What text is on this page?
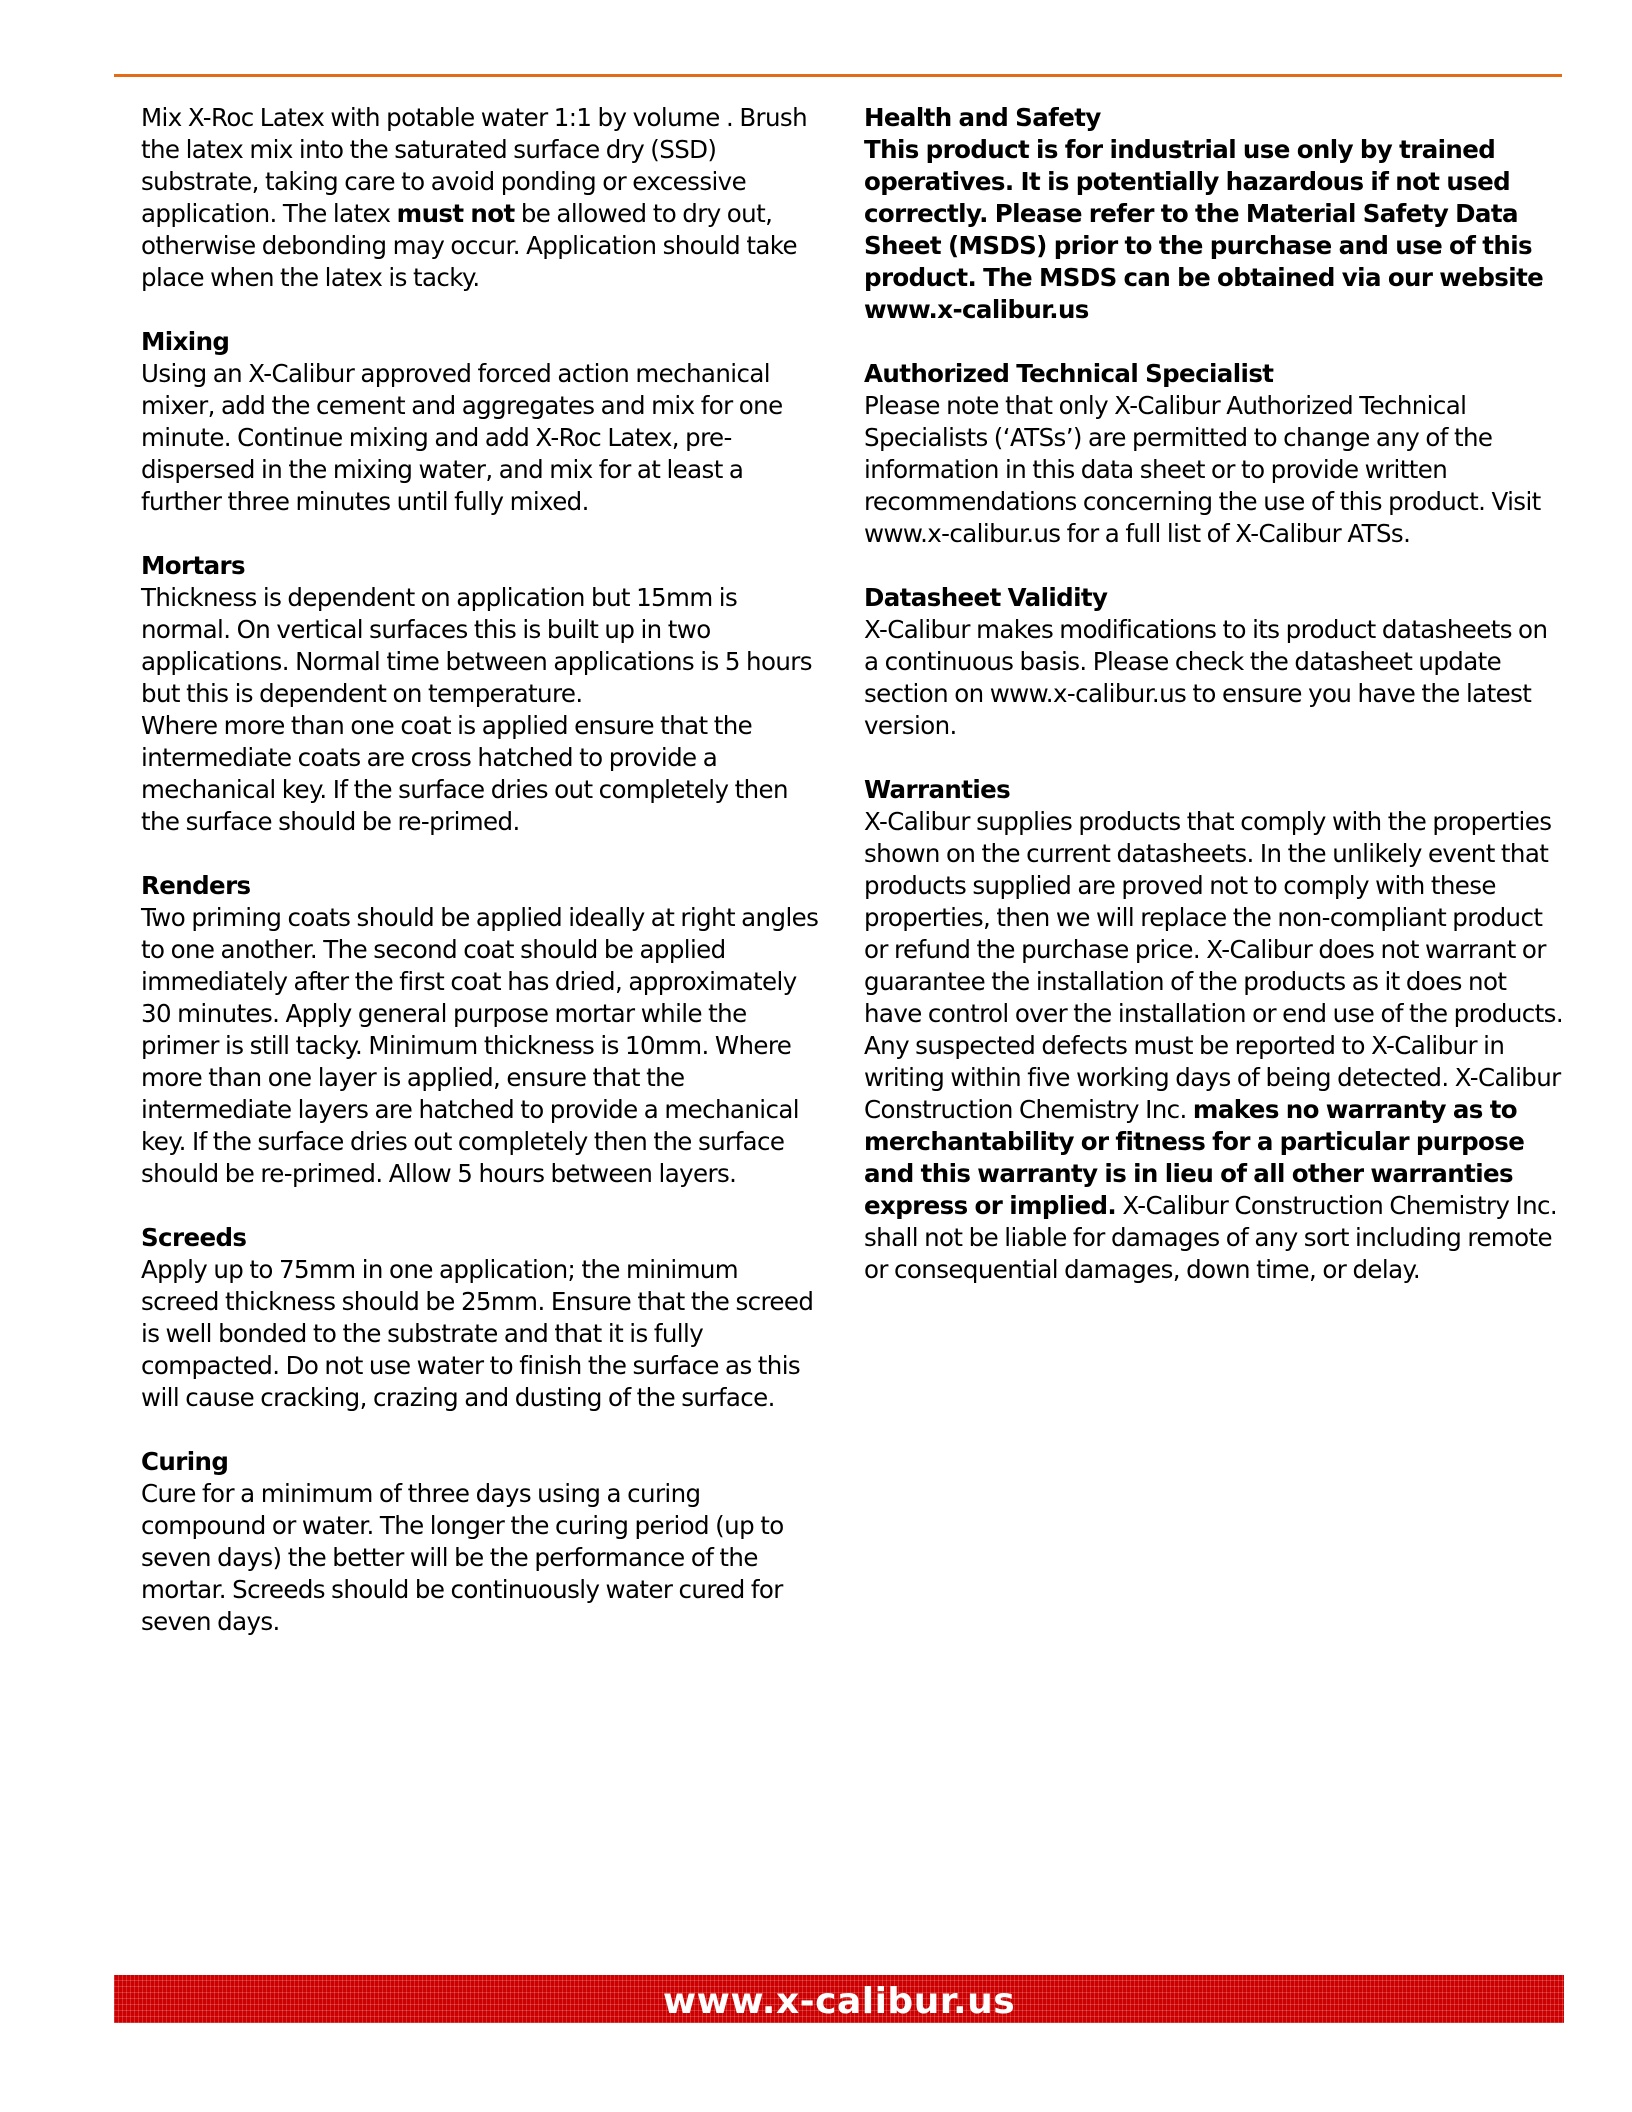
Mix X-Roc Latex with potable water 1:1 by volume . Brush the latex mix into the saturated surface dry (SSD) substrate, taking care to avoid ponding or excessive application. The latex must not be allowed to dry out, otherwise debonding may occur. Application should take place when the latex is tacky.

Mixing

Using an X-Calibur approved forced action mechanical mixer, add the cement and aggregates and mix for one minute. Continue mixing and add X-Roc Latex, pre-dispersed in the mixing water, and mix for at least a further three minutes until fully mixed.

Mortars

Thickness is dependent on application but 15mm is normal. On vertical surfaces this is built up in two applications. Normal time between applications is 5 hours but this is dependent on temperature.

Where more than one coat is applied ensure that the intermediate coats are cross hatched to provide a mechanical key. If the surface dries out completely then the surface should be re-primed.

Renders

Two priming coats should be applied ideally at right angles to one another. The second coat should be applied immediately after the first coat has dried, approximately 30 minutes. Apply general purpose mortar while the primer is still tacky. Minimum thickness is 10mm. Where more than one layer is applied, ensure that the intermediate layers are hatched to provide a mechanical key. If the surface dries out completely then the surface should be re-primed. Allow 5 hours between layers.

Screeds

Apply up to 75mm in one application; the minimum screed thickness should be 25mm. Ensure that the screed is well bonded to the substrate and that it is fully compacted. Do not use water to finish the surface as this will cause cracking, crazing and dusting of the surface.

Curing

Cure for a minimum of three days using a curing compound or water. The longer the curing period (up to seven days) the better will be the performance of the mortar. Screeds should be continuously water cured for seven days.

Health and Safety

This product is for industrial use only by trained operatives. It is potentially hazardous if not used correctly. Please refer to the Material Safety Data Sheet (MSDS) prior to the purchase and use of this product. The MSDS can be obtained via our website www.x-calibur.us

Authorized Technical Specialist

Please note that only X-Calibur Authorized Technical Specialists (‘ATSs’) are permitted to change any of the information in this data sheet or to provide written recommendations concerning the use of this product. Visit www.x-calibur.us for a full list of X-Calibur ATSs.

Datasheet Validity

X-Calibur makes modifications to its product datasheets on a continuous basis. Please check the datasheet update section on www.x-calibur.us to ensure you have the latest version.

Warranties

X-Calibur supplies products that comply with the properties shown on the current datasheets. In the unlikely event that products supplied are proved not to comply with these properties, then we will replace the non-compliant product or refund the purchase price. X-Calibur does not warrant or guarantee the installation of the products as it does not have control over the installation or end use of the products. Any suspected defects must be reported to X-Calibur in writing within five working days of being detected. X-Calibur Construction Chemistry Inc. makes no warranty as to merchantability or fitness for a particular purpose and this warranty is in lieu of all other warranties express or implied. X-Calibur Construction Chemistry Inc. shall not be liable for damages of any sort including remote or consequential damages, down time, or delay.

www.x-calibur.us
